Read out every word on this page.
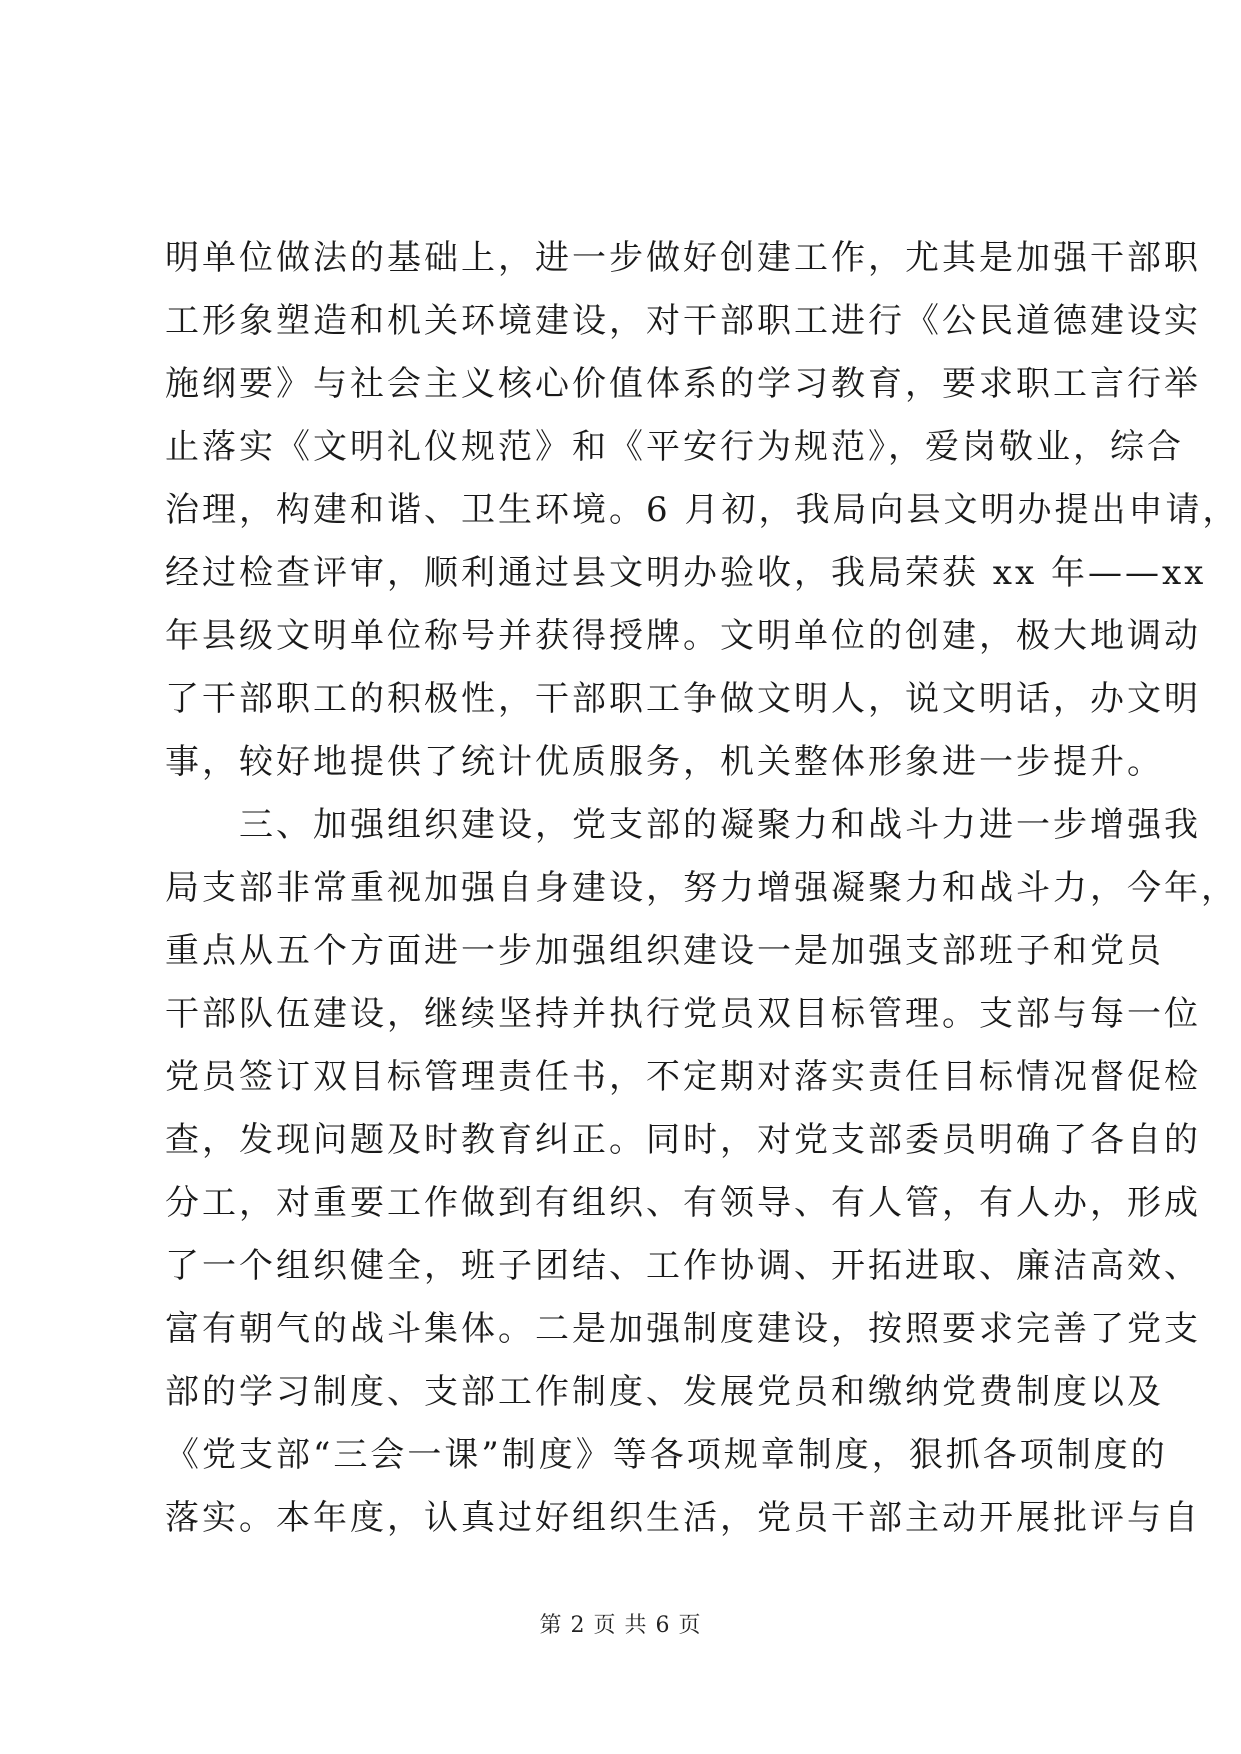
明单位做法的基础上，进一步做好创建工作，尤其是加强干部职
工形象塑造和机关环境建设，对干部职工进行《公民道德建设实
施纲要》与社会主义核心价值体系的学习教育，要求职工言行举
止落实《文明礼仪规范》和《平安行为规范》，爱岗敬业，综合
治理，构建和谐、卫生环境。6 月初，我局向县文明办提出申请，
经过检查评审，顺利通过县文明办验收，我局荣获 xx 年——xx
年县级文明单位称号并获得授牌。文明单位的创建，极大地调动
了干部职工的积极性，干部职工争做文明人，说文明话，办文明
事，较好地提供了统计优质服务，机关整体形象进一步提升。
　　三、加强组织建设，党支部的凝聚力和战斗力进一步增强我
局支部非常重视加强自身建设，努力增强凝聚力和战斗力，今年，
重点从五个方面进一步加强组织建设一是加强支部班子和党员
干部队伍建设，继续坚持并执行党员双目标管理。支部与每一位
党员签订双目标管理责任书，不定期对落实责任目标情况督促检
查，发现问题及时教育纠正。同时，对党支部委员明确了各自的
分工，对重要工作做到有组织、有领导、有人管，有人办，形成
了一个组织健全，班子团结、工作协调、开拓进取、廉洁高效、
富有朝气的战斗集体。二是加强制度建设，按照要求完善了党支
部的学习制度、支部工作制度、发展党员和缴纳党费制度以及
《党支部“三会一课”制度》等各项规章制度，狠抓各项制度的
落实。本年度，认真过好组织生活，党员干部主动开展批评与自
第 2 页 共 6 页
